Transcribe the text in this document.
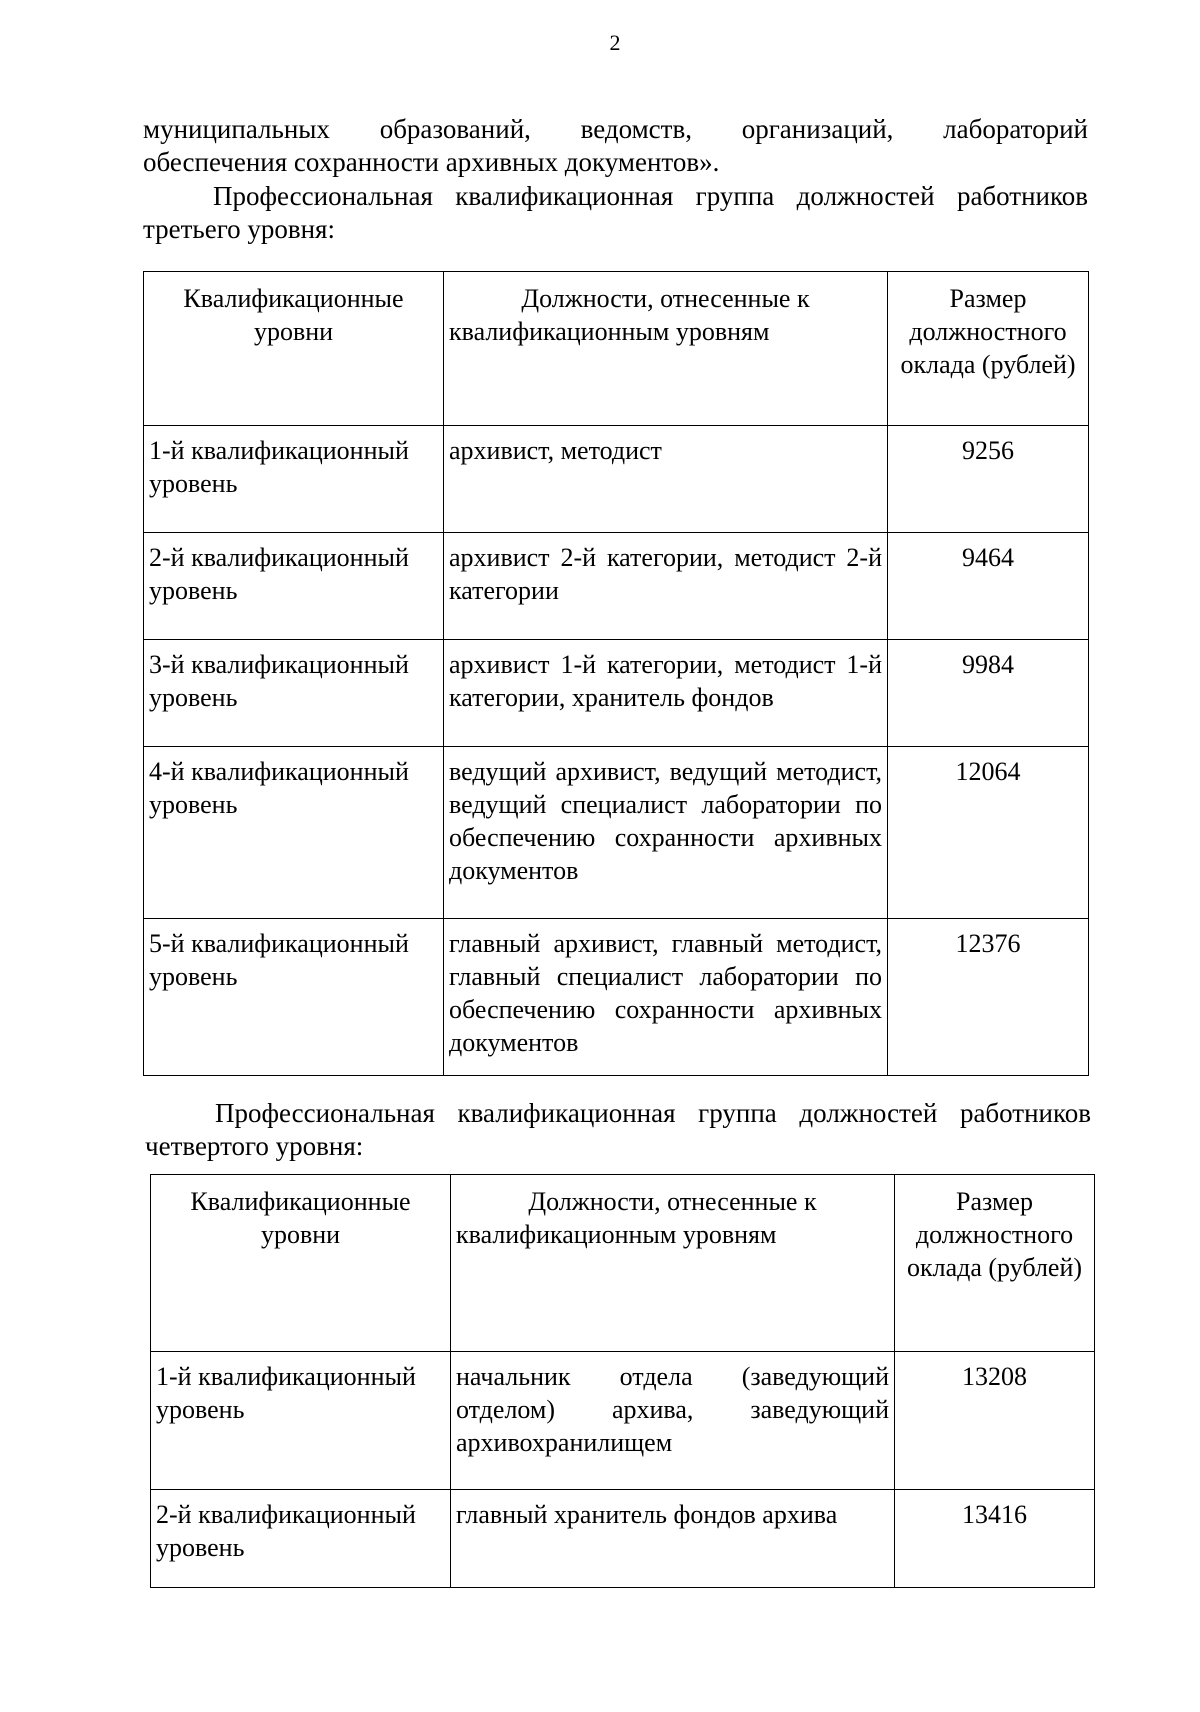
2
муниципальных образований, ведомств, организаций, лабораторий
обеспечения сохранности архивных документов».
Профессиональная квалификационная группа должностей работников
третьего уровня:
Квалификационные уровни	Должности, отнесенные к квалификационным уровням	Размер должностного оклада (рублей)
1-й квалификационный уровень	архивист, методист	9256
2-й квалификационный уровень	архивист 2-й категории, методист 2-й категории	9464
3-й квалификационный уровень	архивист 1-й категории, методист 1-й категории, хранитель фондов	9984
4-й квалификационный уровень	ведущий архивист, ведущий методист, ведущий специалист лаборатории по обеспечению сохранности архивных документов	12064
5-й квалификационный уровень	главный архивист, главный методист, главный специалист лаборатории по обеспечению сохранности архивных документов	12376
Профессиональная квалификационная группа должностей работников
четвертого уровня:
Квалификационные уровни	Должности, отнесенные к квалификационным уровням	Размер должностного оклада (рублей)
1-й квалификационный уровень	начальник отдела (заведующий отделом) архива, заведующий архивохранилищем	13208
2-й квалификационный уровень	главный хранитель фондов архива	13416
